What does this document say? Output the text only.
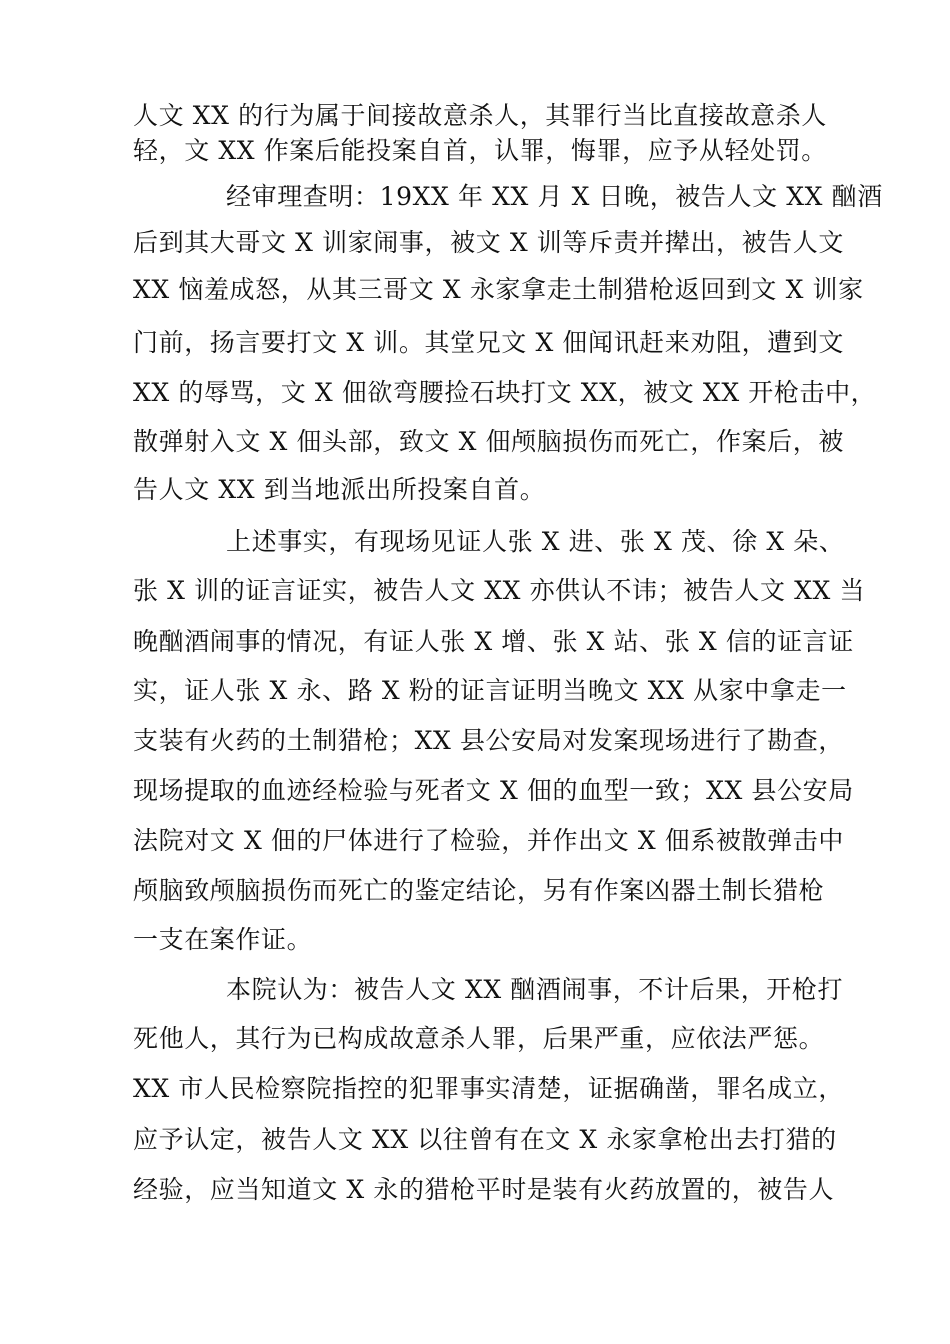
人文 XX 的行为属于间接故意杀人，其罪行当比直接故意杀人
轻，文 XX 作案后能投案自首，认罪，悔罪，应予从轻处罚。
经审理查明：19XX 年 XX 月 X 日晚，被告人文 XX 酗酒
后到其大哥文 X 训家闹事，被文 X 训等斥责并撵出，被告人文
XX 恼羞成怒，从其三哥文 X 永家拿走土制猎枪返回到文 X 训家
门前，扬言要打文 X 训。其堂兄文 X 佃闻讯赶来劝阻，遭到文
XX 的辱骂，文 X 佃欲弯腰捡石块打文 XX，被文 XX 开枪击中，
散弹射入文 X 佃头部，致文 X 佃颅脑损伤而死亡，作案后，被
告人文 XX 到当地派出所投案自首。
上述事实，有现场见证人张 X 进、张 X 茂、徐 X 朵、
张 X 训的证言证实，被告人文 XX 亦供认不讳；被告人文 XX 当
晚酗酒闹事的情况，有证人张 X 增、张 X 站、张 X 信的证言证
实，证人张 X 永、路 X 粉的证言证明当晚文 XX 从家中拿走一
支装有火药的土制猎枪；XX 县公安局对发案现场进行了勘查，
现场提取的血迹经检验与死者文 X 佃的血型一致；XX 县公安局
法院对文 X 佃的尸体进行了检验，并作出文 X 佃系被散弹击中
颅脑致颅脑损伤而死亡的鉴定结论，另有作案凶器土制长猎枪
一支在案作证。
本院认为：被告人文 XX 酗酒闹事，不计后果，开枪打
死他人，其行为已构成故意杀人罪，后果严重，应依法严惩。
XX 市人民检察院指控的犯罪事实清楚，证据确凿，罪名成立，
应予认定，被告人文 XX 以往曾有在文 X 永家拿枪出去打猎的
经验，应当知道文 X 永的猎枪平时是装有火药放置的，被告人
